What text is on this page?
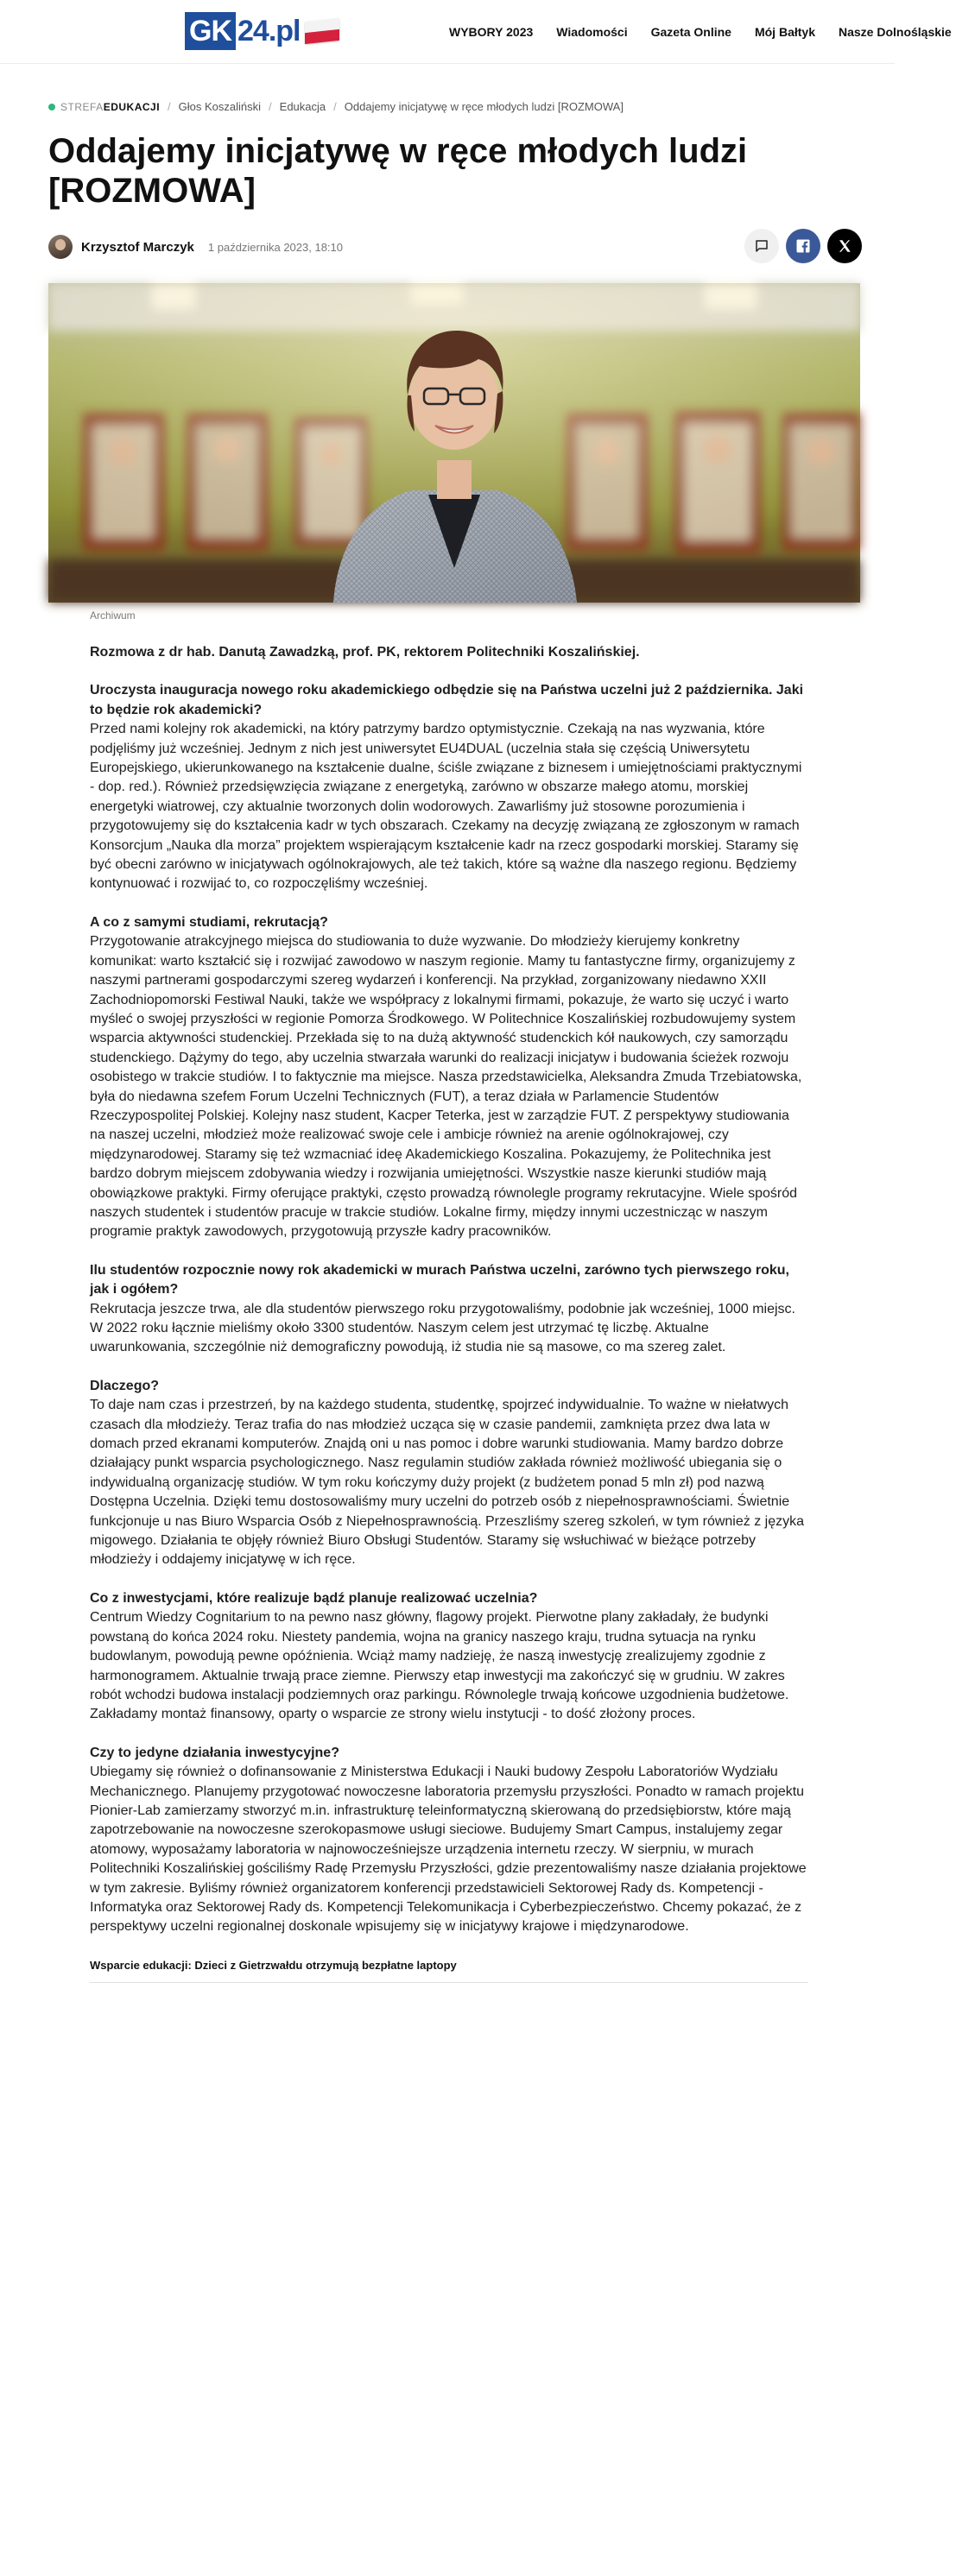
GK 24.pl	WYBORY 2023 Wiadomości Gazeta Online Mój Bałtyk Nasze Dolnośląskie
STREFA EDUKACJI / Głos Koszaliński / Edukacja / Oddajemy inicjatywę w ręce młodych ludzi [ROZMOWA]
Oddajemy inicjatywę w ręce młodych ludzi [ROZMOWA]
Krzysztof Marczyk 1 października 2023, 18:10
Archiwum

Rozmowa z dr hab. Danutą Zawadzką, prof. PK, rektorem Politechniki Koszalińskiej.

Uroczysta inauguracja nowego roku akademickiego odbędzie się na Państwa uczelni już 2 października. Jaki to będzie rok akademicki?

Przed nami kolejny rok akademicki, na który patrzymy bardzo optymistycznie. Czekają na nas wyzwania, które podjęliśmy już wcześniej. Jednym z nich jest uniwersytet EU4DUAL (uczelnia stała się częścią Uniwersytetu Europejskiego, ukierunkowanego na kształcenie dualne, ściśle związane z biznesem i umiejętnościami praktycznymi - dop. red.). Również przedsięwzięcia związane z energetyką, zarówno w obszarze małego atomu, morskiej energetyki wiatrowej, czy aktualnie tworzonych dolin wodorowych. Zawarliśmy już stosowne porozumienia i przygotowujemy się do kształcenia kadr w tych obszarach. Czekamy na decyzję związaną ze zgłoszonym w ramach Konsorcjum „Nauka dla morza” projektem wspierającym kształcenie kadr na rzecz gospodarki morskiej. Staramy się być obecni zarówno w inicjatywach ogólnokrajowych, ale też takich, które są ważne dla naszego regionu. Będziemy kontynuować i rozwijać to, co rozpoczęliśmy wcześniej.

A co z samymi studiami, rekrutacją?

Przygotowanie atrakcyjnego miejsca do studiowania to duże wyzwanie. Do młodzieży kierujemy konkretny komunikat: warto kształcić się i rozwijać zawodowo w naszym regionie. Mamy tu fantastyczne firmy, organizujemy z naszymi partnerami gospodarczymi szereg wydarzeń i konferencji. Na przykład, zorganizowany niedawno XXII Zachodniopomorski Festiwal Nauki, także we współpracy z lokalnymi firmami, pokazuje, że warto się uczyć i warto myśleć o swojej przyszłości w regionie Pomorza Środkowego. W Politechnice Koszalińskiej rozbudowujemy system wsparcia aktywności studenckiej. Przekłada się to na dużą aktywność studenckich kół naukowych, czy samorządu studenckiego. Dążymy do tego, aby uczelnia stwarzała warunki do realizacji inicjatyw i budowania ścieżek rozwoju osobistego w trakcie studiów. I to faktycznie ma miejsce. Nasza przedstawicielka, Aleksandra Zmuda Trzebiatowska, była do niedawna szefem Forum Uczelni Technicznych (FUT), a teraz działa w Parlamencie Studentów Rzeczypospolitej Polskiej. Kolejny nasz student, Kacper Teterka, jest w zarządzie FUT. Z perspektywy studiowania na naszej uczelni, młodzież może realizować swoje cele i ambicje również na arenie ogólnokrajowej, czy międzynarodowej. Staramy się też wzmacniać ideę Akademickiego Koszalina. Pokazujemy, że Politechnika jest bardzo dobrym miejscem zdobywania wiedzy i rozwijania umiejętności. Wszystkie nasze kierunki studiów mają obowiązkowe praktyki. Firmy oferujące praktyki, często prowadzą równolegle programy rekrutacyjne. Wiele spośród naszych studentek i studentów pracuje w trakcie studiów. Lokalne firmy, między innymi uczestnicząc w naszym programie praktyk zawodowych, przygotowują przyszłe kadry pracowników.

Ilu studentów rozpocznie nowy rok akademicki w murach Państwa uczelni, zarówno tych pierwszego roku, jak i ogółem?

Rekrutacja jeszcze trwa, ale dla studentów pierwszego roku przygotowaliśmy, podobnie jak wcześniej, 1000 miejsc. W 2022 roku łącznie mieliśmy około 3300 studentów. Naszym celem jest utrzymać tę liczbę. Aktualne uwarunkowania, szczególnie niż demograficzny powodują, iż studia nie są masowe, co ma szereg zalet.

Dlaczego?

To daje nam czas i przestrzeń, by na każdego studenta, studentkę, spojrzeć indywidualnie. To ważne w niełatwych czasach dla młodzieży. Teraz trafia do nas młodzież ucząca się w czasie pandemii, zamknięta przez dwa lata w domach przed ekranami komputerów. Znajdą oni u nas pomoc i dobre warunki studiowania. Mamy bardzo dobrze działający punkt wsparcia psychologicznego. Nasz regulamin studiów zakłada również możliwość ubiegania się o indywidualną organizację studiów. W tym roku kończymy duży projekt (z budżetem ponad 5 mln zł) pod nazwą Dostępna Uczelnia. Dzięki temu dostosowaliśmy mury uczelni do potrzeb osób z niepełnosprawnościami. Świetnie funkcjonuje u nas Biuro Wsparcia Osób z Niepełnosprawnością. Przeszliśmy szereg szkoleń, w tym również z języka migowego. Działania te objęły również Biuro Obsługi Studentów. Staramy się wsłuchiwać w bieżące potrzeby młodzieży i oddajemy inicjatywę w ich ręce.

Co z inwestycjami, które realizuje bądź planuje realizować uczelnia?

Centrum Wiedzy Cognitarium to na pewno nasz główny, flagowy projekt. Pierwotne plany zakładały, że budynki powstaną do końca 2024 roku. Niestety pandemia, wojna na granicy naszego kraju, trudna sytuacja na rynku budowlanym, powodują pewne opóźnienia. Wciąż mamy nadzieję, że naszą inwestycję zrealizujemy zgodnie z harmonogramem. Aktualnie trwają prace ziemne. Pierwszy etap inwestycji ma zakończyć się w grudniu. W zakres robót wchodzi budowa instalacji podziemnych oraz parkingu. Równolegle trwają końcowe uzgodnienia budżetowe. Zakładamy montaż finansowy, oparty o wsparcie ze strony wielu instytucji - to dość złożony proces.

Czy to jedyne działania inwestycyjne?

Ubiegamy się również o dofinansowanie z Ministerstwa Edukacji i Nauki budowy Zespołu Laboratoriów Wydziału Mechanicznego. Planujemy przygotować nowoczesne laboratoria przemysłu przyszłości. Ponadto w ramach projektu Pionier-Lab zamierzamy stworzyć m.in. infrastrukturę teleinformatyczną skierowaną do przedsiębiorstw, które mają zapotrzebowanie na nowoczesne szerokopasmowe usługi sieciowe. Budujemy Smart Campus, instalujemy zegar atomowy, wyposażamy laboratoria w najnowocześniejsze urządzenia internetu rzeczy. W sierpniu, w murach Politechniki Koszalińskiej gościliśmy Radę Przemysłu Przyszłości, gdzie prezentowaliśmy nasze działania projektowe w tym zakresie. Byliśmy również organizatorem konferencji przedstawicieli Sektorowej Rady ds. Kompetencji - Informatyka oraz Sektorowej Rady ds. Kompetencji Telekomunikacja i Cyberbezpieczeństwo. Chcemy pokazać, że z perspektywy uczelni regionalnej doskonale wpisujemy się w inicjatywy krajowe i międzynarodowe.

Wsparcie edukacji: Dzieci z Gietrzwałdu otrzymują bezpłatne laptopy
